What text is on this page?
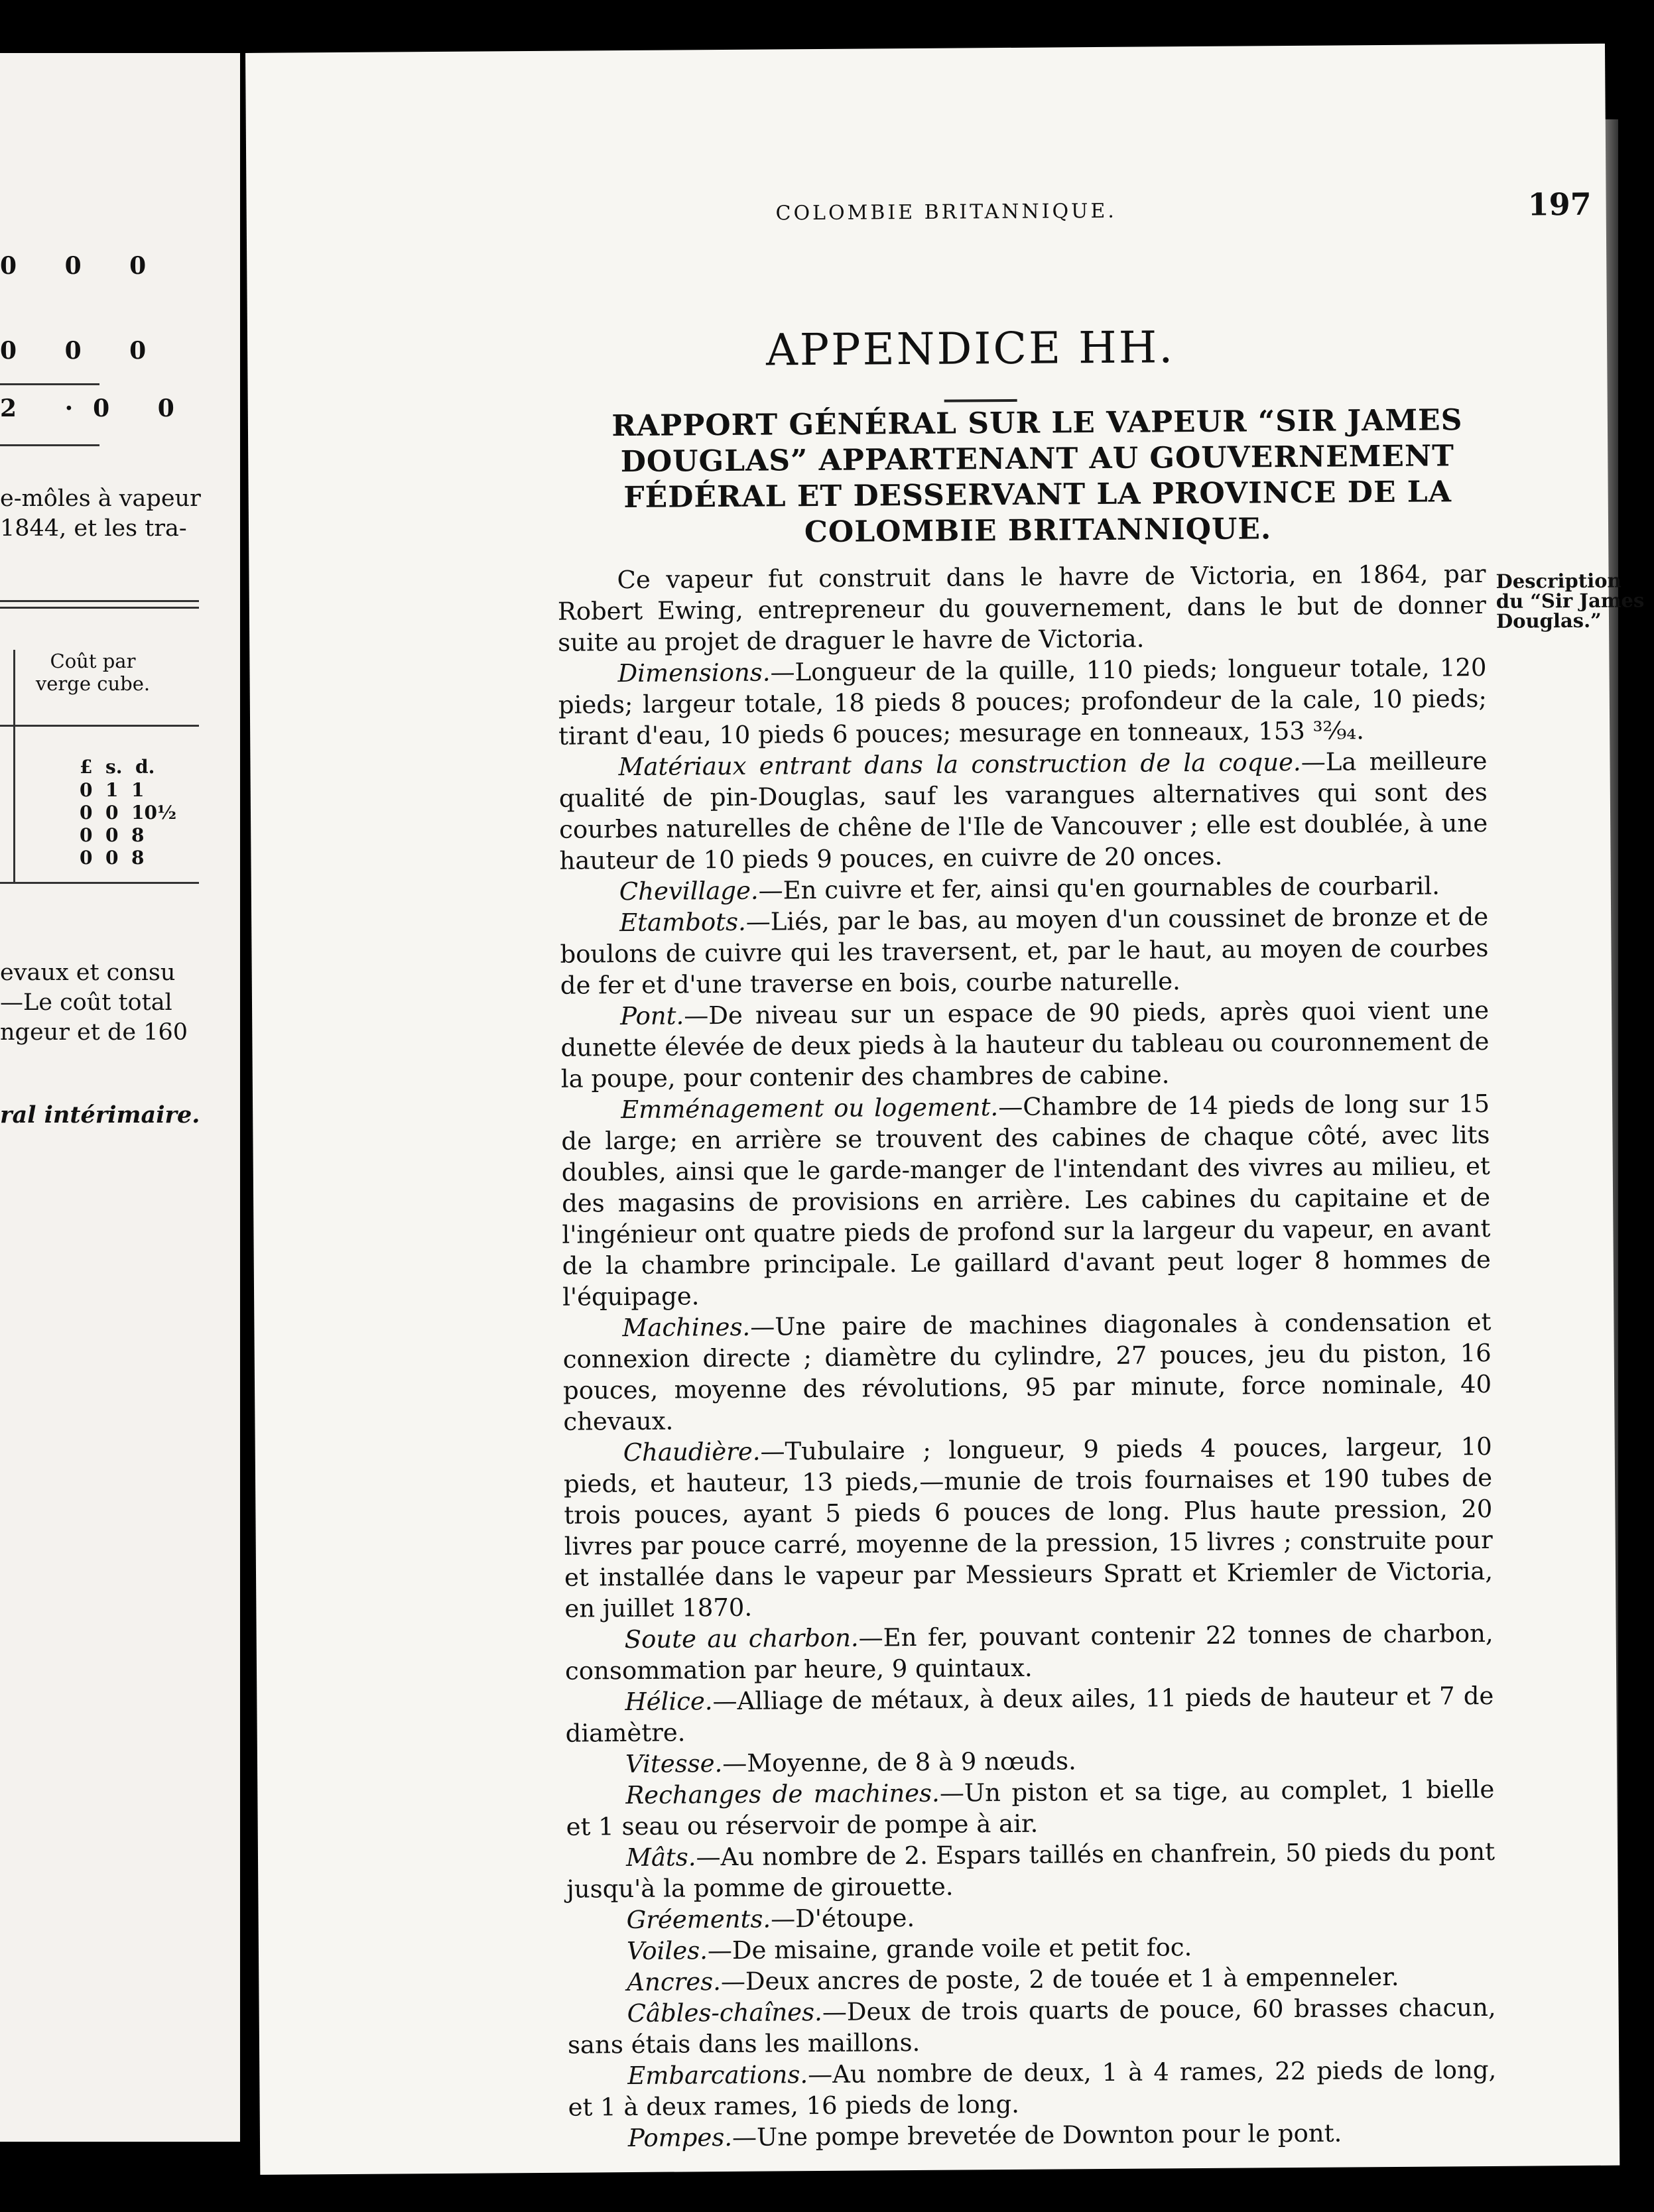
0 0 0
0 0 0
2 ·0 0
e-môles à vapeur
1844, et les tra-
Coût par verge cube.
£  s.  d.
0  1  1
0  0  10½
0  0  8
0  0  8
evaux et consu
—Le coût total
ngeur et de 160
ral intérimaire.
COLOMBIE BRITANNIQUE.	197
APPENDICE HH.
RAPPORT GÉNÉRAL SUR LE VAPEUR “SIR JAMES DOUGLAS” APPARTENANT AU GOUVERNEMENT FÉDÉRAL ET DESSERVANT LA PROVINCE DE LA COLOMBIE BRITANNIQUE.
Description du “Sir James Douglas.”

Ce vapeur fut construit dans le havre de Victoria, en 1864, par Robert Ewing, entrepreneur du gouvernement, dans le but de donner suite au projet de draguer le havre de Victoria.

Dimensions.—Longueur de la quille, 110 pieds; longueur totale, 120 pieds; largeur totale, 18 pieds 8 pouces; profondeur de la cale, 10 pieds; tirant d'eau, 10 pieds 6 pouces; mesurage en tonneaux, 153 ³²⁄₉₄.

Matériaux entrant dans la construction de la coque.—La meilleure qualité de pin-Douglas, sauf les varangues alternatives qui sont des courbes naturelles de chêne de l'Ile de Vancouver ; elle est doublée, à une hauteur de 10 pieds 9 pouces, en cuivre de 20 onces.

Chevillage.—En cuivre et fer, ainsi qu'en gournables de courbaril.

Etambots.—Liés, par le bas, au moyen d'un coussinet de bronze et de boulons de cuivre qui les traversent, et, par le haut, au moyen de courbes de fer et d'une traverse en bois, courbe naturelle.

Pont.—De niveau sur un espace de 90 pieds, après quoi vient une dunette élevée de deux pieds à la hauteur du tableau ou couronnement de la poupe, pour contenir des chambres de cabine.

Emménagement ou logement.—Chambre de 14 pieds de long sur 15 de large; en arrière se trouvent des cabines de chaque côté, avec lits doubles, ainsi que le garde-manger de l'intendant des vivres au milieu, et des magasins de provisions en arrière. Les cabines du capitaine et de l'ingénieur ont quatre pieds de profond sur la largeur du vapeur, en avant de la chambre principale. Le gaillard d'avant peut loger 8 hommes de l'équipage.

Machines.—Une paire de machines diagonales à condensation et connexion directe ; diamètre du cylindre, 27 pouces, jeu du piston, 16 pouces, moyenne des révolutions, 95 par minute, force nominale, 40 chevaux.

Chaudière.—Tubulaire ; longueur, 9 pieds 4 pouces, largeur, 10 pieds, et hauteur, 13 pieds,—munie de trois fournaises et 190 tubes de trois pouces, ayant 5 pieds 6 pouces de long. Plus haute pression, 20 livres par pouce carré, moyenne de la pression, 15 livres ; construite pour et installée dans le vapeur par Messieurs Spratt et Kriemler de Victoria, en juillet 1870.

Soute au charbon.—En fer, pouvant contenir 22 tonnes de charbon, consommation par heure, 9 quintaux.

Hélice.—Alliage de métaux, à deux ailes, 11 pieds de hauteur et 7 de diamètre.

Vitesse.—Moyenne, de 8 à 9 nœuds.

Rechanges de machines.—Un piston et sa tige, au complet, 1 bielle et 1 seau ou réservoir de pompe à air.

Mâts.—Au nombre de 2. Espars taillés en chanfrein, 50 pieds du pont jusqu'à la pomme de girouette.

Gréements.—D'étoupe.

Voiles.—De misaine, grande voile et petit foc.

Ancres.—Deux ancres de poste, 2 de touée et 1 à empenneler.

Câbles-chaînes.—Deux de trois quarts de pouce, 60 brasses chacun, sans étais dans les maillons.

Embarcations.—Au nombre de deux, 1 à 4 rames, 22 pieds de long, et 1 à deux rames, 16 pieds de long.

Pompes.—Une pompe brevetée de Downton pour le pont.
